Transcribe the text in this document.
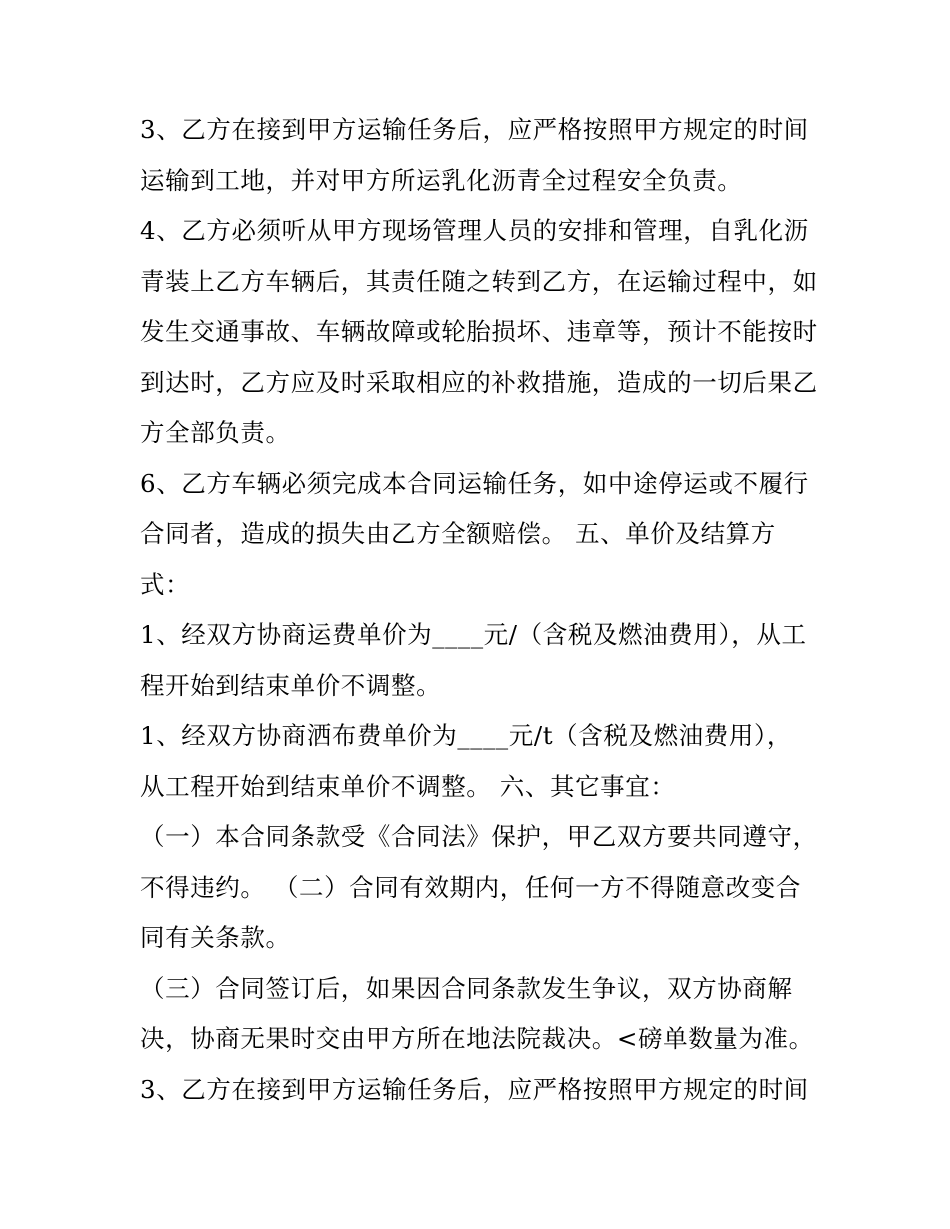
3、乙方在接到甲方运输任务后，应严格按照甲方规定的时间
运输到工地，并对甲方所运乳化沥青全过程安全负责。
4、乙方必须听从甲方现场管理人员的安排和管理，自乳化沥
青装上乙方车辆后，其责任随之转到乙方，在运输过程中，如
发生交通事故、车辆故障或轮胎损坏、违章等，预计不能按时
到达时，乙方应及时采取相应的补救措施，造成的一切后果乙
方全部负责。
6、乙方车辆必须完成本合同运输任务，如中途停运或不履行
合同者，造成的损失由乙方全额赔偿。 五、单价及结算方
式：
1、经双方协商运费单价为____元/（含税及燃油费用），从工
程开始到结束单价不调整。
1、经双方协商洒布费单价为____元/t（含税及燃油费用），
从工程开始到结束单价不调整。 六、其它事宜：
（一）本合同条款受《合同法》保护，甲乙双方要共同遵守，
不得违约。 （二）合同有效期内，任何一方不得随意改变合
同有关条款。
（三）合同签订后，如果因合同条款发生争议，双方协商解
决，协商无果时交由甲方所在地法院裁决。<磅单数量为准。
3、乙方在接到甲方运输任务后，应严格按照甲方规定的时间
